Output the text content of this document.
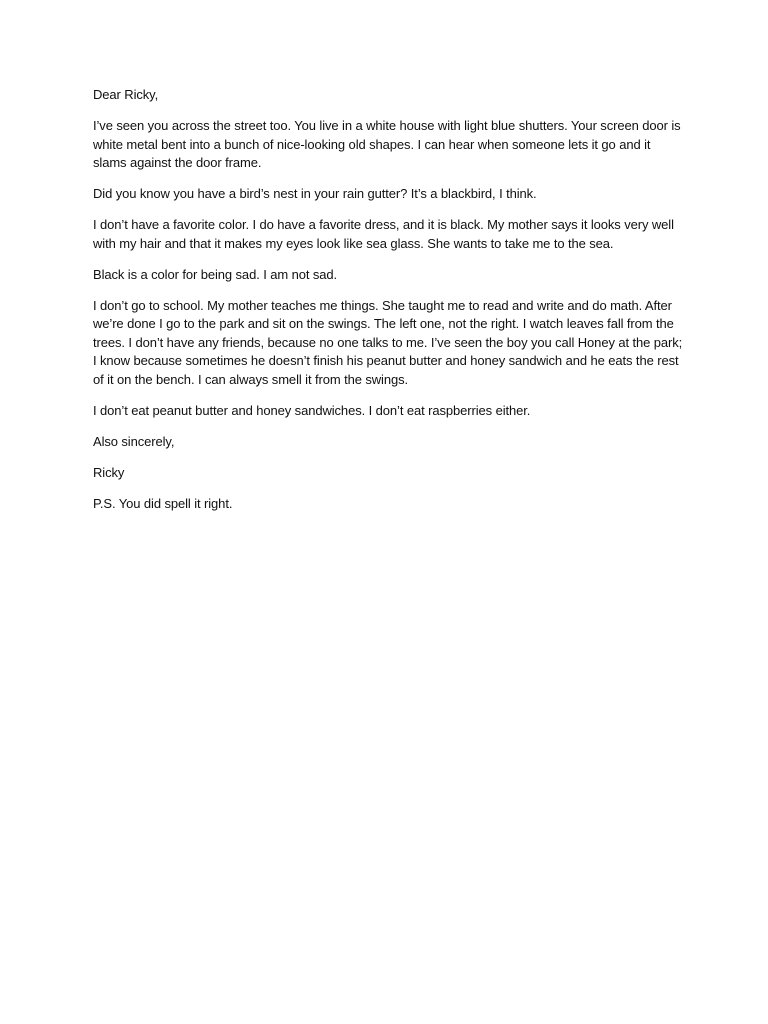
Dear Ricky,

I’ve seen you across the street too. You live in a white house with light blue shutters. Your screen door is white metal bent into a bunch of nice-looking old shapes. I can hear when someone lets it go and it slams against the door frame.

Did you know you have a bird’s nest in your rain gutter? It’s a blackbird, I think.

I don’t have a favorite color. I do have a favorite dress, and it is black. My mother says it looks very well with my hair and that it makes my eyes look like sea glass. She wants to take me to the sea.

Black is a color for being sad. I am not sad.

I don’t go to school. My mother teaches me things. She taught me to read and write and do math. After we’re done I go to the park and sit on the swings. The left one, not the right. I watch leaves fall from the trees. I don’t have any friends, because no one talks to me. I’ve seen the boy you call Honey at the park; I know because sometimes he doesn’t finish his peanut butter and honey sandwich and he eats the rest of it on the bench. I can always smell it from the swings.

I don’t eat peanut butter and honey sandwiches. I don’t eat raspberries either.

Also sincerely,

Ricky

P.S. You did spell it right.
